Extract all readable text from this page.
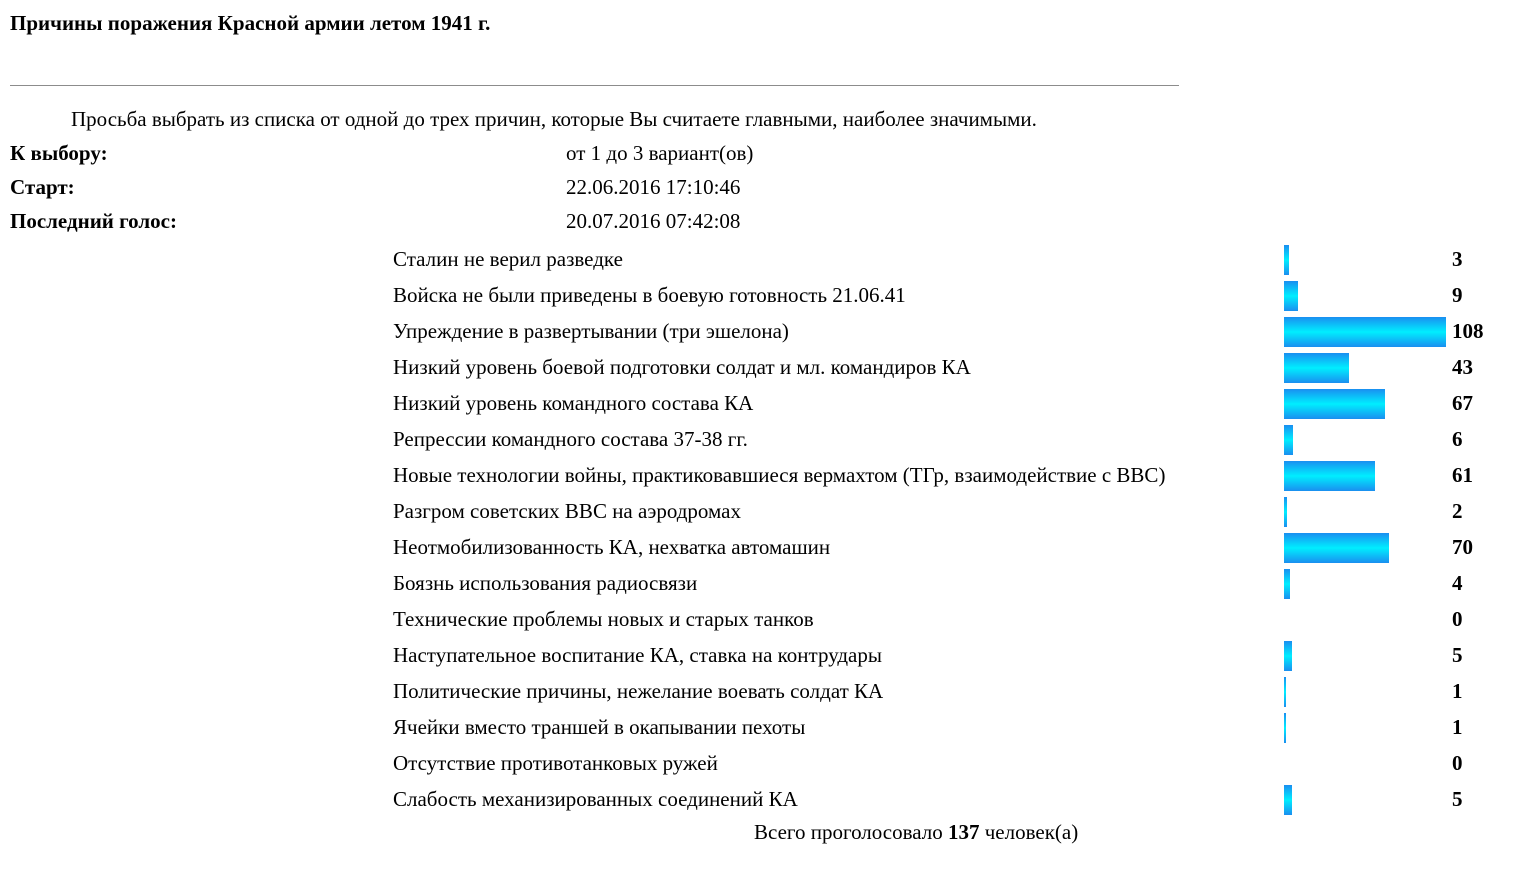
Причины поражения Красной армии летом 1941 г.
Просьба выбрать из списка от одной до трех причин, которые Вы считаете главными, наиболее значимыми.
К выбору:	от 1 до 3 вариант(ов)
Старт:	22.06.2016 17:10:46
Последний голос:	20.07.2016 07:42:08
Сталин не верил разведке	3
Войска не были приведены в боевую готовность 21.06.41	9
Упреждение в развертывании (три эшелона)	108
Низкий уровень боевой подготовки солдат и мл. командиров КА	43
Низкий уровень командного состава КА	67
Репрессии командного состава 37-38 гг.	6
Новые технологии войны, практиковавшиеся вермахтом (ТГр, взаимодействие с ВВС)	61
Разгром советских ВВС на аэродромах	2
Неотмобилизованность КА, нехватка автомашин	70
Боязнь использования радиосвязи	4
Технические проблемы новых и старых танков	0
Наступательное воспитание КА, ставка на контрудары	5
Политические причины, нежелание воевать солдат КА	1
Ячейки вместо траншей в окапывании пехоты	1
Отсутствие противотанковых ружей	0
Слабость механизированных соединений КА	5
Всего проголосовало 137 человек(а)
